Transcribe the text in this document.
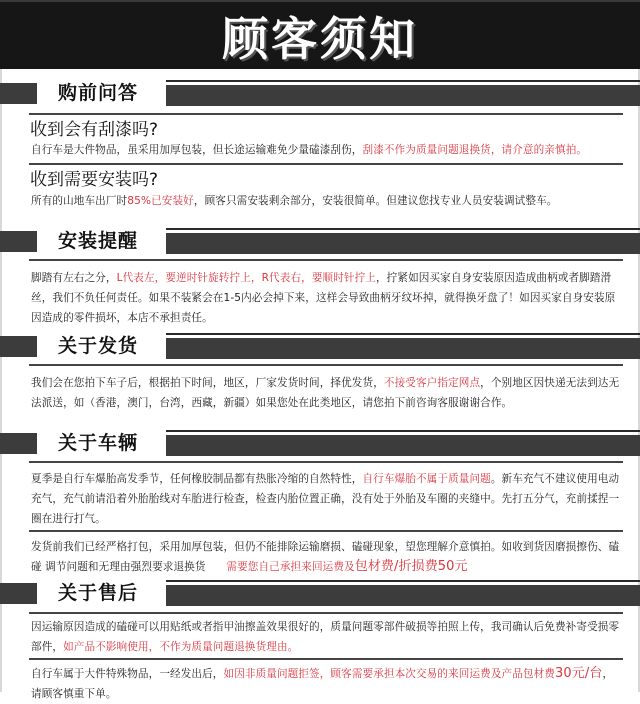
顾客须知
购前问答
收到会有刮漆吗?
自行车是大件物品，虽采用加厚包装，但长途运输难免少量磕漆刮伤，刮漆不作为质量问题退换货，请介意的亲慎拍。
收到需要安装吗?
所有的山地车出厂时85%已安装好，顾客只需安装剩余部分，安装很简单。但建议您找专业人员安装调试整车。
安装提醒
脚踏有左右之分，L代表左，要逆时针旋转拧上，R代表右，要顺时针拧上，拧紧如因买家自身安装原因造成曲柄或者脚踏滑丝，我们不负任何责任。如果不装紧会在1-5内必会掉下来，这样会导致曲柄牙纹坏掉，就得换牙盘了！如因买家自身安装原因造成的零件损坏，本店不承担责任。
关于发货
我们会在您拍下车子后，根据拍下时间，地区，厂家发货时间，择优发货，不接受客户指定网点，个别地区因快递无法到达无法派送，如（香港，澳门，台湾，西藏，新疆）如果您处在此类地区，请您拍下前咨询客服谢谢合作。
关于车辆
夏季是自行车爆胎高发季节，任何橡胶制品都有热胀冷缩的自然特性，自行车爆胎不属于质量问题。新车充气不建议使用电动充气，充气前请沿着外胎胎线对车胎进行检查，检查内胎位置正确，没有处于外胎及车圈的夹缝中。先打五分气，充前揉捏一圈在进行打气。
发货前我们已经严格打包，采用加厚包装，但仍不能排除运输磨损、磕碰现象，望您理解介意慎拍。如收到货因磨损擦伤、磕碰 调节问题和无理由强烈要求退换货 需要您自己承担来回运费及包材费/折损费50元
关于售后
因运输原因造成的磕碰可以用贴纸或者指甲油擦盖效果很好的，质量问题零部件破损等拍照上传，我司确认后免费补寄受损零部件，如产品不影响使用，不作为质量问题退换货理由。
自行车属于大件特殊物品，一经发出后，如因非质量问题拒签，顾客需要承担本次交易的来回运费及产品包材费30元/台，请顾客慎重下单。
